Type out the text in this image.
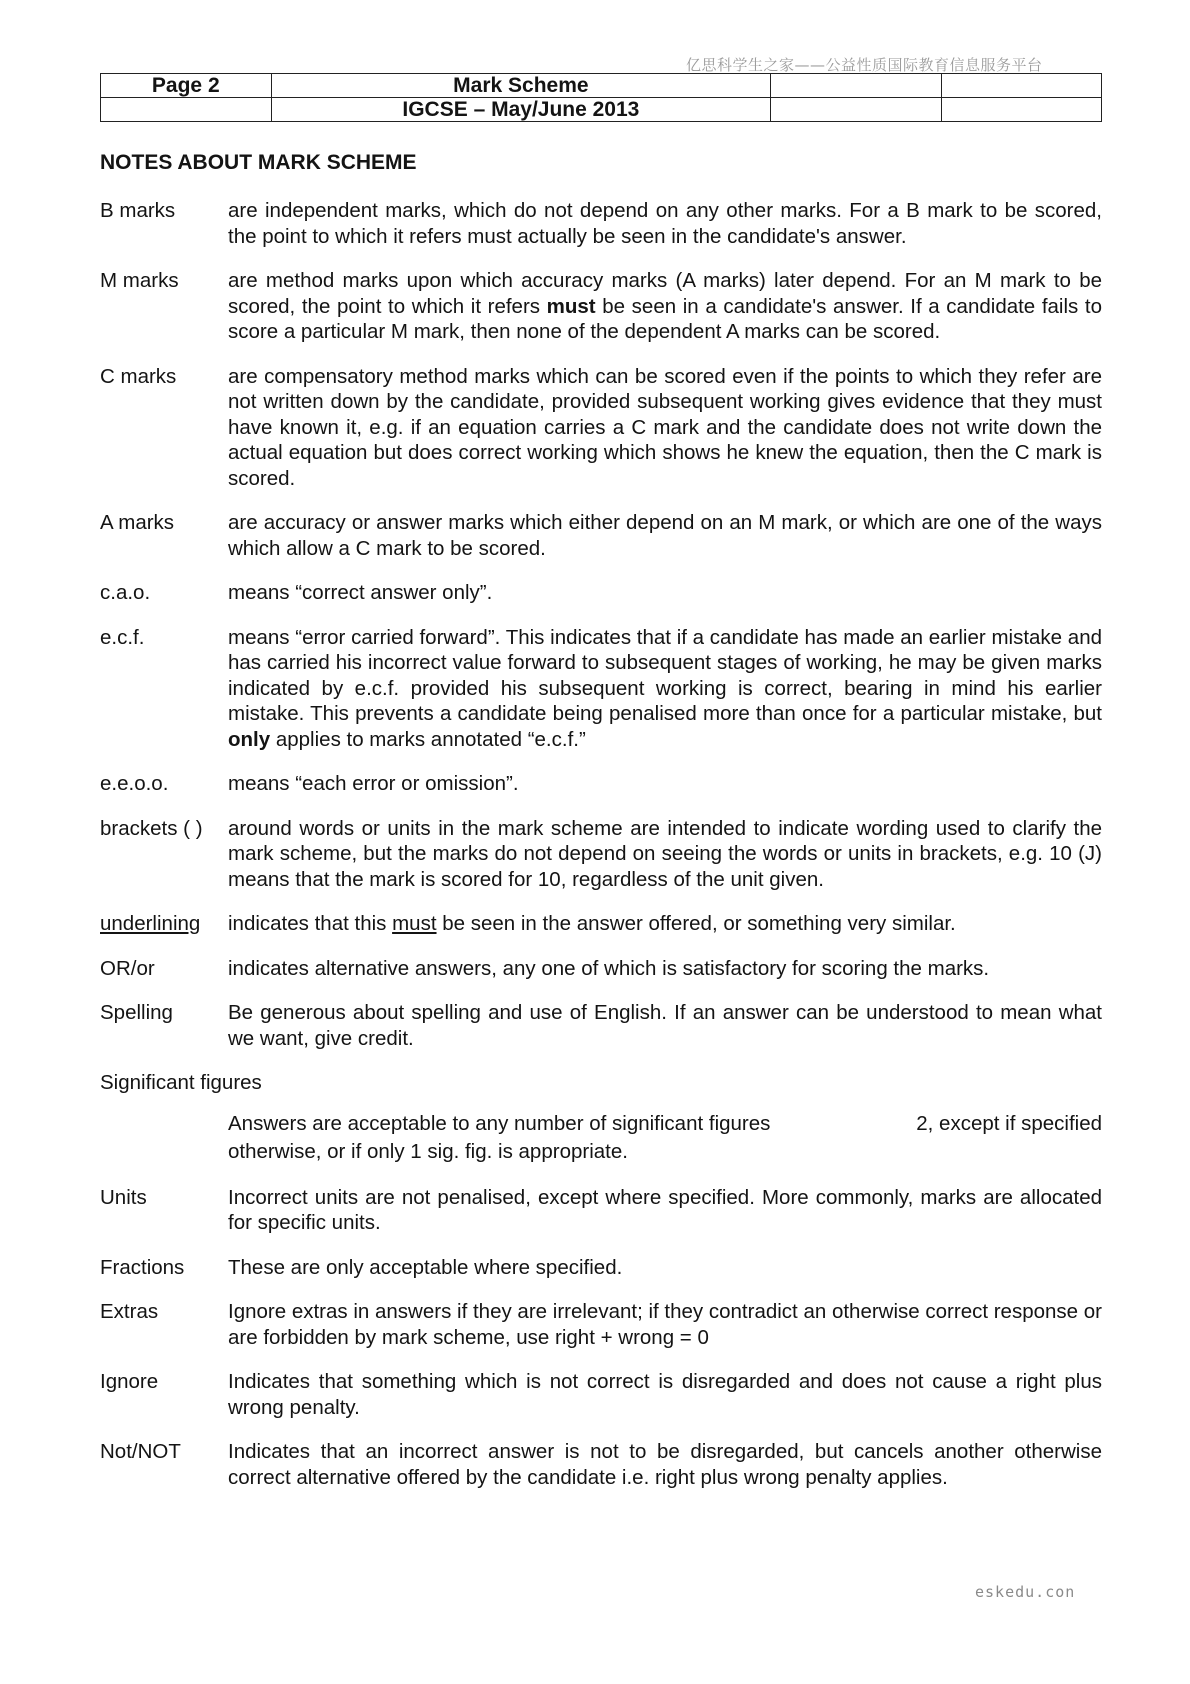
亿思科学生之家——公益性质国际教育信息服务平台
Page 2	Mark Scheme		
	IGCSE – May/June 2013		
NOTES ABOUT MARK SCHEME
B marks	are independent marks, which do not depend on any other marks. For a B mark to be scored, the point to which it refers must actually be seen in the candidate's answer.
M marks	are method marks upon which accuracy marks (A marks) later depend. For an M mark to be scored, the point to which it refers must be seen in a candidate's answer. If a candidate fails to score a particular M mark, then none of the dependent A marks can be scored.
C marks	are compensatory method marks which can be scored even if the points to which they refer are not written down by the candidate, provided subsequent working gives evidence that they must have known it, e.g. if an equation carries a C mark and the candidate does not write down the actual equation but does correct working which shows he knew the equation, then the C mark is scored.
A marks	are accuracy or answer marks which either depend on an M mark, or which are one of the ways which allow a C mark to be scored.
c.a.o.	means “correct answer only”.
e.c.f.	means “error carried forward”. This indicates that if a candidate has made an earlier mistake and has carried his incorrect value forward to subsequent stages of working, he may be given marks indicated by e.c.f. provided his subsequent working is correct, bearing in mind his earlier mistake. This prevents a candidate being penalised more than once for a particular mistake, but only applies to marks annotated “e.c.f.”
e.e.o.o.	means “each error or omission”.
brackets ( )	around words or units in the mark scheme are intended to indicate wording used to clarify the mark scheme, but the marks do not depend on seeing the words or units in brackets, e.g. 10 (J) means that the mark is scored for 10, regardless of the unit given.
underlining	indicates that this must be seen in the answer offered, or something very similar.
OR/or	indicates alternative answers, any one of which is satisfactory for scoring the marks.
Spelling	Be generous about spelling and use of English. If an answer can be understood to mean what we want, give credit.
Significant figures
Answers are acceptable to any number of significant figures	2, except if specified
otherwise, or if only 1 sig. fig. is appropriate.
Units	Incorrect units are not penalised, except where specified. More commonly, marks are allocated for specific units.
Fractions	These are only acceptable where specified.
Extras	Ignore extras in answers if they are irrelevant; if they contradict an otherwise correct response or are forbidden by mark scheme, use right + wrong = 0
Ignore	Indicates that something which is not correct is disregarded and does not cause a right plus wrong penalty.
Not/NOT	Indicates that an incorrect answer is not to be disregarded, but cancels another otherwise correct alternative offered by the candidate i.e. right plus wrong penalty applies.
eskedu.con
